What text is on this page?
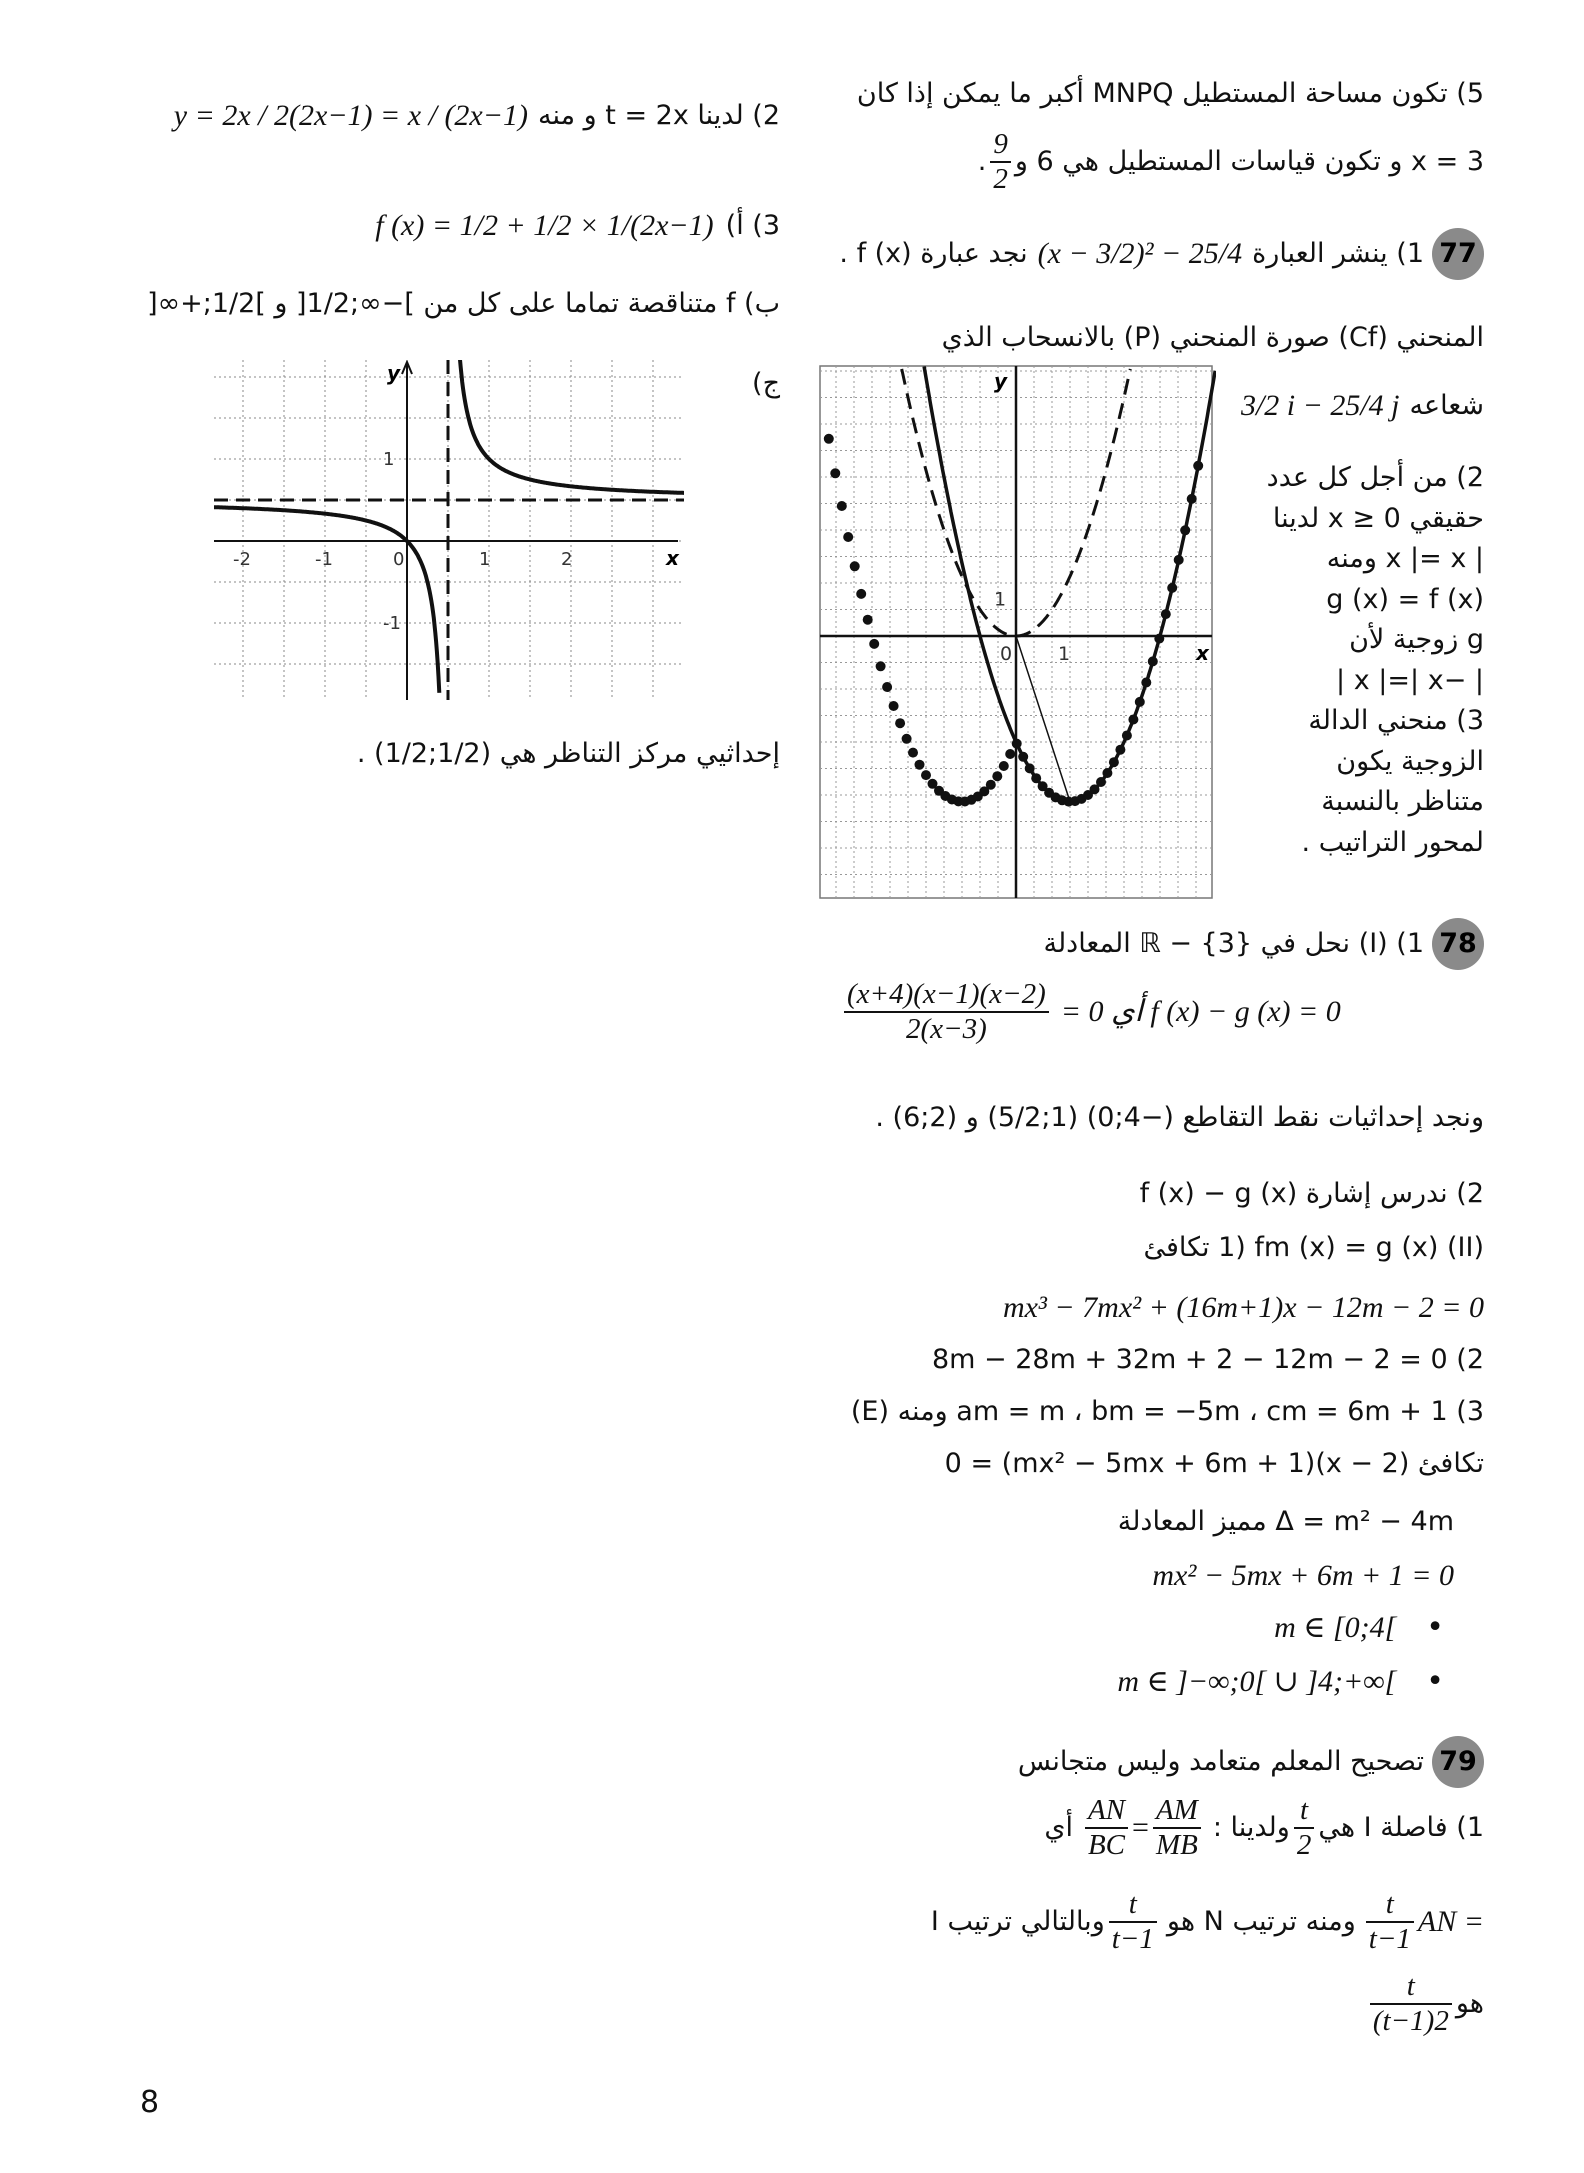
5) تكون مساحة المستطيل MNPQ أكبر ما يمكن إذا كان
x = 3 و تكون قياسات المستطيل هي 6 و
$\frac{9}{2}$
.
77
1) ينشر العبارة
(x − 3/2)² − 25/4
نجد عبارة f (x) .
المنحني (Cf) صورة المنحني (P) بالانسحاب الذي
شعاعه
3/2 i − 25/4 j
2) من أجل كل عدد
حقيقي x ≥ 0 لدينا
| x |= x ومنه
g (x) = f (x)
g زوجية لأن
| −x |=| x |
3) منحني الدالة
الزوجية يكون
متناظر بالنسبة
لمحور التراتيب .
0 1
1
x
y
78
1) (I) نحل في ℝ − {3} المعادلة
$\frac{(x+4)(x-1)(x-2)}{2(x-3)} = 0$ أي f (x) − g (x) = 0
ونجد إحداثيات نقط التقاطع (−4;0) (1;5/2) و (2;6) .
2) ندرس إشارة f (x) − g (x)
(II) 1) fm (x) = g (x) تكافئ
mx³ − 7mx² + (16m+1)x − 12m − 2 = 0
2) 8m − 28m + 32m + 2 − 12m − 2 = 0
3) am = m ، bm = −5m ، cm = 6m + 1 ومنه (E)
تكافئ (x − 2)(mx² − 5mx + 6m + 1) = 0
Δ = m² − 4m مميز المعادلة
mx² − 5mx + 6m + 1 = 0
•
m ∈ [0;4[
•
m ∈ ]−∞;0[ ∪ ]4;+∞[
79
تصحيح المعلم متعامد وليس متجانس
1) فاصلة I هي
$\frac{t}{2}$
ولدينا :
$\frac{AN}{BC} = \frac{AM}{MB}$
أي
AN =
$\frac{t}{1-t}$
ومنه ترتيب N هو
$\frac{t}{t-1}$
وبالتالي ترتيب I
هو
$\frac{t}{2(t-1)}$
2) لدينا t = 2x و منه
y = 2x / 2(2x−1) = x / (2x−1)
3) أ)
f (x) = 1/2 + 1/2 × 1/(2x−1)
ب) f متناقصة تماما على كل من ]−∞;1/2[ و ]1/2;+∞[
ج)
-2	-1	0	1	2
1
-1
x
y
إحداثيي مركز التناظر هي (1/2;1/2) .
8
